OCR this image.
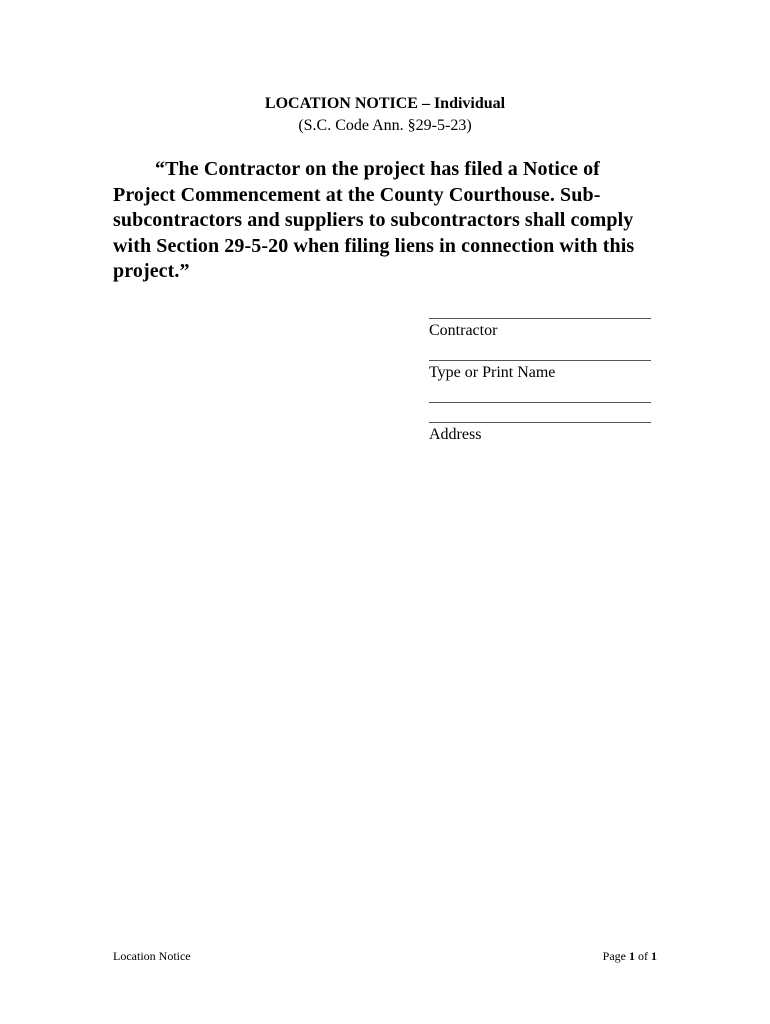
LOCATION NOTICE – Individual
(S.C. Code Ann. §29-5-23)
“The Contractor on the project has filed a Notice of Project Commencement at the County Courthouse. Sub-subcontractors and suppliers to subcontractors shall comply with Section 29-5-20 when filing liens in connection with this project.”
Contractor
Type or Print Name
Address
Location Notice	Page 1 of 1
